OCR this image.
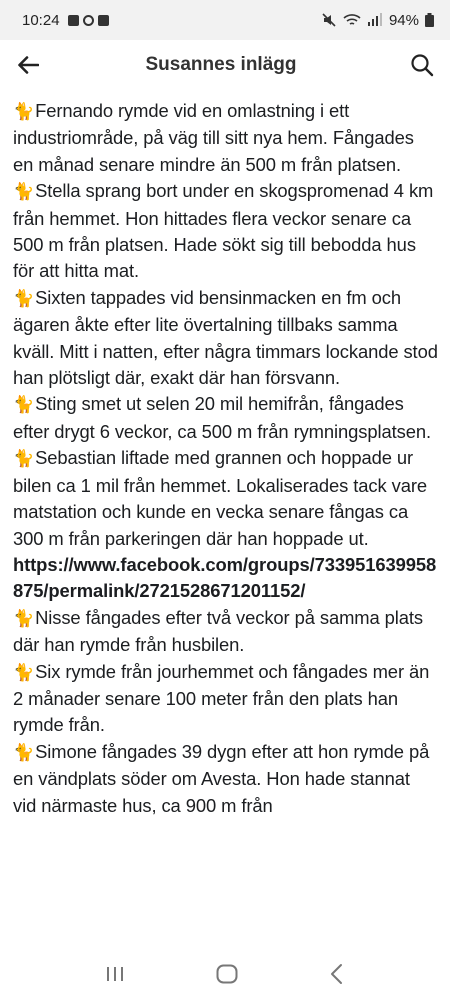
10:24	94%
Susannes inlägg

🐈Fernando rymde vid en omlastning i ett industriområde, på väg till sitt nya hem. Fångades en månad senare mindre än 500 m från platsen.

🐈Stella sprang bort under en skogspromenad 4 km från hemmet. Hon hittades flera veckor senare ca 500 m från platsen. Hade sökt sig till bebodda hus för att hitta mat.

🐈Sixten tappades vid bensinmacken en fm och ägaren åkte efter lite övertalning tillbaks samma kväll. Mitt i natten, efter några timmars lockande stod han plötsligt där, exakt där han försvann.

🐈Sting smet ut selen 20 mil hemifrån, fångades efter drygt 6 veckor, ca 500 m från rymningsplatsen.

🐈Sebastian liftade med grannen och hoppade ur bilen ca 1 mil från hemmet. Lokaliserades tack vare matstation och kunde en vecka senare fångas ca 300 m från parkeringen där han hoppade ut.

https://www.facebook.com/groups/733951639958875/permalink/2721528671201152/

🐈Nisse fångades efter två veckor på samma plats där han rymde från husbilen.

🐈Six rymde från jourhemmet och fångades mer än 2 månader senare 100 meter från den plats han rymde från.

🐈Simone fångades 39 dygn efter att hon rymde på en vändplats söder om Avesta. Hon hade stannat vid närmaste hus, ca 900 m från
